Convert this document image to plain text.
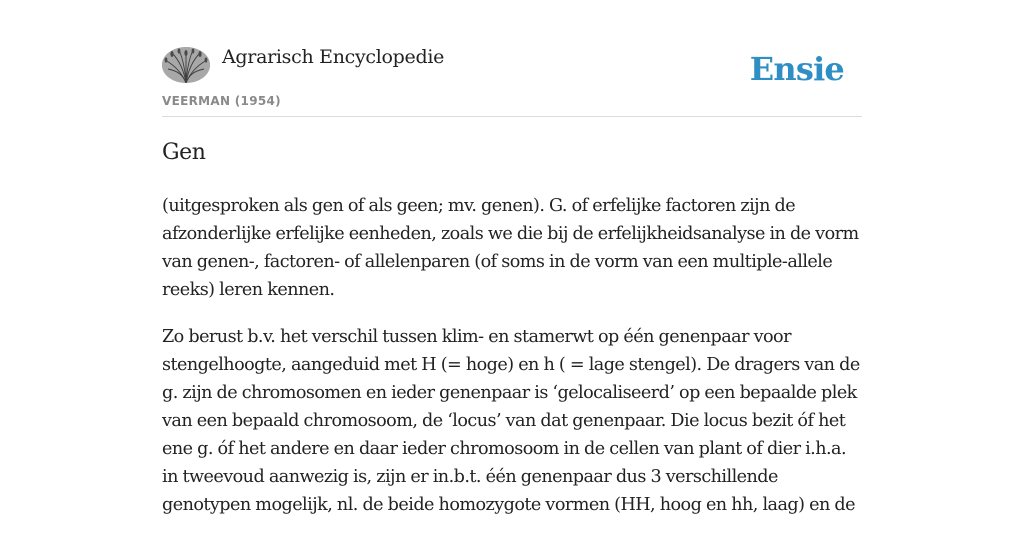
Agrarisch Encyclopedie
VEERMAN (1954)
Ensie
Gen

(uitgesproken als gen of als geen; mv. genen). G. of erfelijke factoren zijn de afzonderlijke erfelijke eenheden, zoals we die bij de erfelijkheidsanalyse in de vorm van genen-, factoren- of allelenparen (of soms in de vorm van een multiple-allele reeks) leren kennen.

Zo berust b.v. het verschil tussen klim- en stamerwt op één genenpaar voor stengelhoogte, aangeduid met H (= hoge) en h ( = lage stengel). De dragers van de g. zijn de chromosomen en ieder genenpaar is ‘gelocaliseerd’ op een bepaalde plek van een bepaald chromosoom, de ‘locus’ van dat genenpaar. Die locus bezit óf het ene g. óf het andere en daar ieder chromosoom in de cellen van plant of dier i.h.a. in tweevoud aanwezig is, zijn er in.b.t. één genenpaar dus 3 verschillende genotypen mogelijk, nl. de beide homozygote vormen (HH, hoog en hh, laag) en de
